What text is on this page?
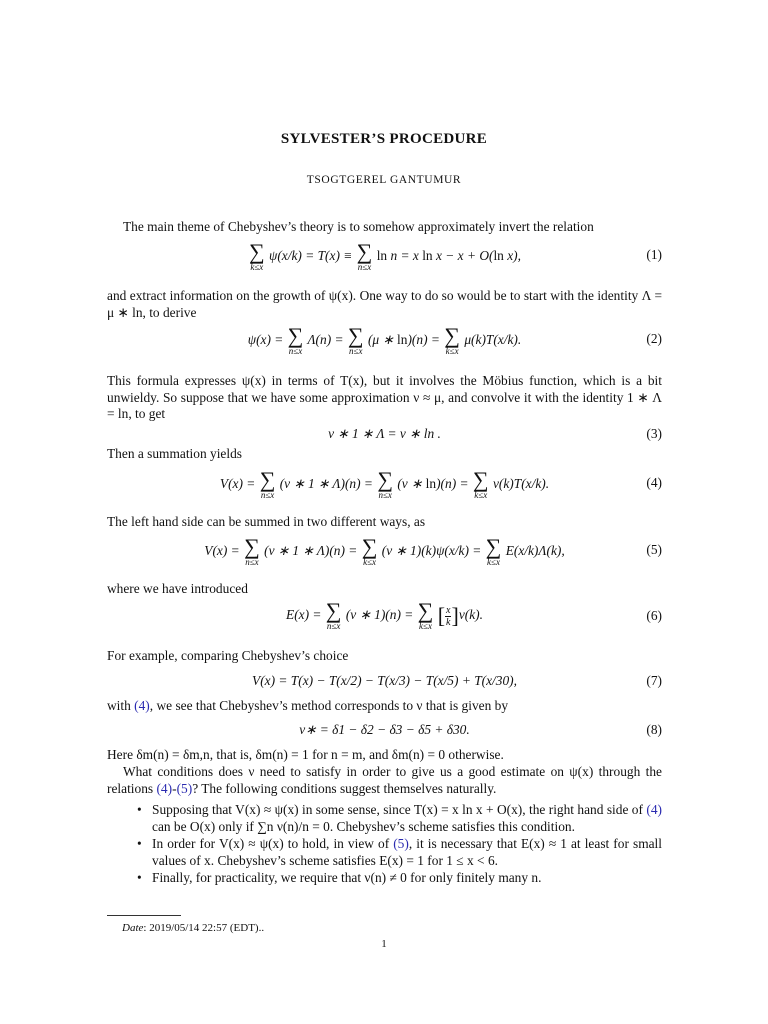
SYLVESTER’S PROCEDURE
TSOGTGEREL GANTUMUR
The main theme of Chebyshev’s theory is to somehow approximately invert the relation
∑
k≤x
ψ(x/k) = T(x) ≡ ∑
n≤x
ln n = x ln x − x + O(ln x),	(1)
and extract information on the growth of ψ(x). One way to do so would be to start with the identity Λ = μ ∗ ln, to derive
ψ(x) = ∑
n≤x
Λ(n) = ∑
n≤x
(μ ∗ ln)(n) = ∑
k≤x
μ(k)T(x/k).	(2)
This formula expresses ψ(x) in terms of T(x), but it involves the Möbius function, which is a bit unwieldy. So suppose that we have some approximation ν ≈ μ, and convolve it with the identity 1 ∗ Λ = ln, to get
ν ∗ 1 ∗ Λ = ν ∗ ln .	(3)
Then a summation yields
V(x) = ∑
n≤x
(ν ∗ 1 ∗ Λ)(n) = ∑
n≤x
(ν ∗ ln)(n) = ∑
k≤x
ν(k)T(x/k).	(4)
The left hand side can be summed in two different ways, as
V(x) = ∑
n≤x
(ν ∗ 1 ∗ Λ)(n) = ∑
k≤x
(ν ∗ 1)(k)ψ(x/k) = ∑
k≤x
E(x/k)Λ(k),	(5)
where we have introduced
E(x) = ∑
n≤x
(ν ∗ 1)(n) = ∑
k≤x [ $\frac{x}{k}]\nu(k)$.	(6)
For example, comparing Chebyshev’s choice
V(x) = T(x) − T(x/2) − T(x/3) − T(x/5) + T(x/30),	(7)
with (4), we see that Chebyshev’s method corresponds to ν that is given by
ν∗ = δ1 − δ2 − δ3 − δ5 + δ30.	(8)
Here δm(n) = δm,n, that is, δm(n) = 1 for n = m, and δm(n) = 0 otherwise.
What conditions does ν need to satisfy in order to give us a good estimate on ψ(x) through the relations (4)-(5)? The following conditions suggest themselves naturally.
• Supposing that V(x) ≈ ψ(x) in some sense, since T(x) = x ln x + O(x), the right hand side of (4) can be O(x) only if ∑n ν(n)/n = 0. Chebyshev’s scheme satisfies this condition.
• In order for V(x) ≈ ψ(x) to hold, in view of (5), it is necessary that E(x) ≈ 1 at least for small values of x. Chebyshev’s scheme satisfies E(x) = 1 for 1 ≤ x < 6.
• Finally, for practicality, we require that ν(n) ≠ 0 for only finitely many n.
Date: 2019/05/14 22:57 (EDT)..
1
